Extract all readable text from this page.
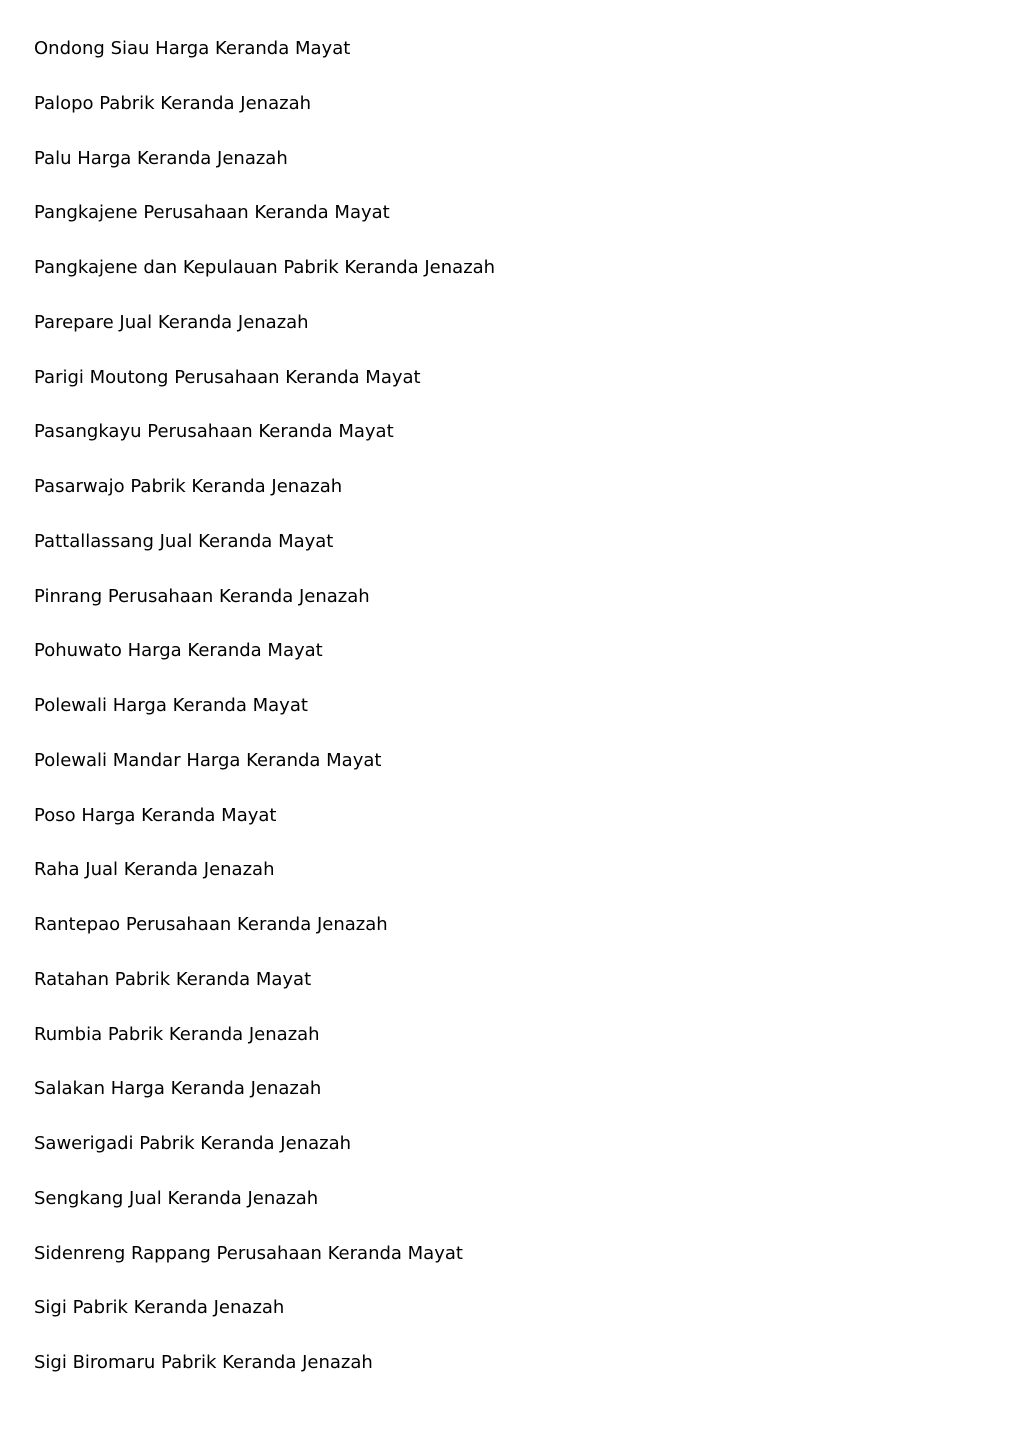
Ondong Siau Harga Keranda Mayat
Palopo Pabrik Keranda Jenazah
Palu Harga Keranda Jenazah
Pangkajene Perusahaan Keranda Mayat
Pangkajene dan Kepulauan Pabrik Keranda Jenazah
Parepare Jual Keranda Jenazah
Parigi Moutong Perusahaan Keranda Mayat
Pasangkayu Perusahaan Keranda Mayat
Pasarwajo Pabrik Keranda Jenazah
Pattallassang Jual Keranda Mayat
Pinrang Perusahaan Keranda Jenazah
Pohuwato Harga Keranda Mayat
Polewali Harga Keranda Mayat
Polewali Mandar Harga Keranda Mayat
Poso Harga Keranda Mayat
Raha Jual Keranda Jenazah
Rantepao Perusahaan Keranda Jenazah
Ratahan Pabrik Keranda Mayat
Rumbia Pabrik Keranda Jenazah
Salakan Harga Keranda Jenazah
Sawerigadi Pabrik Keranda Jenazah
Sengkang Jual Keranda Jenazah
Sidenreng Rappang Perusahaan Keranda Mayat
Sigi Pabrik Keranda Jenazah
Sigi Biromaru Pabrik Keranda Jenazah
